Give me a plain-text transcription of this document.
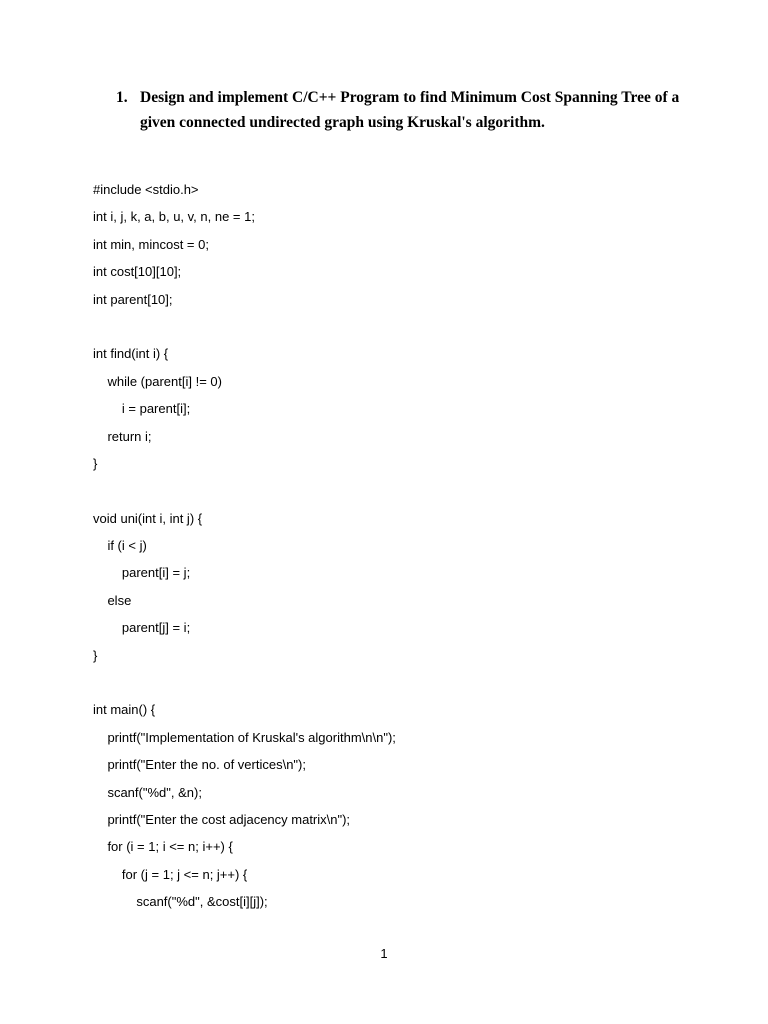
1. Design and implement C/C++ Program to find Minimum Cost Spanning Tree of a given connected undirected graph using Kruskal's algorithm.
#include <stdio.h>
int i, j, k, a, b, u, v, n, ne = 1;
int min, mincost = 0;
int cost[10][10];
int parent[10];
int find(int i) {
while (parent[i] != 0)
i = parent[i];
return i;
}
void uni(int i, int j) {
if (i < j)
parent[i] = j;
else
parent[j] = i;
}
int main() {
printf("Implementation of Kruskal's algorithm\n\n");
printf("Enter the no. of vertices\n");
scanf("%d", &n);
printf("Enter the cost adjacency matrix\n");
for (i = 1; i <= n; i++) {
for (j = 1; j <= n; j++) {
scanf("%d", &cost[i][j]);
1
